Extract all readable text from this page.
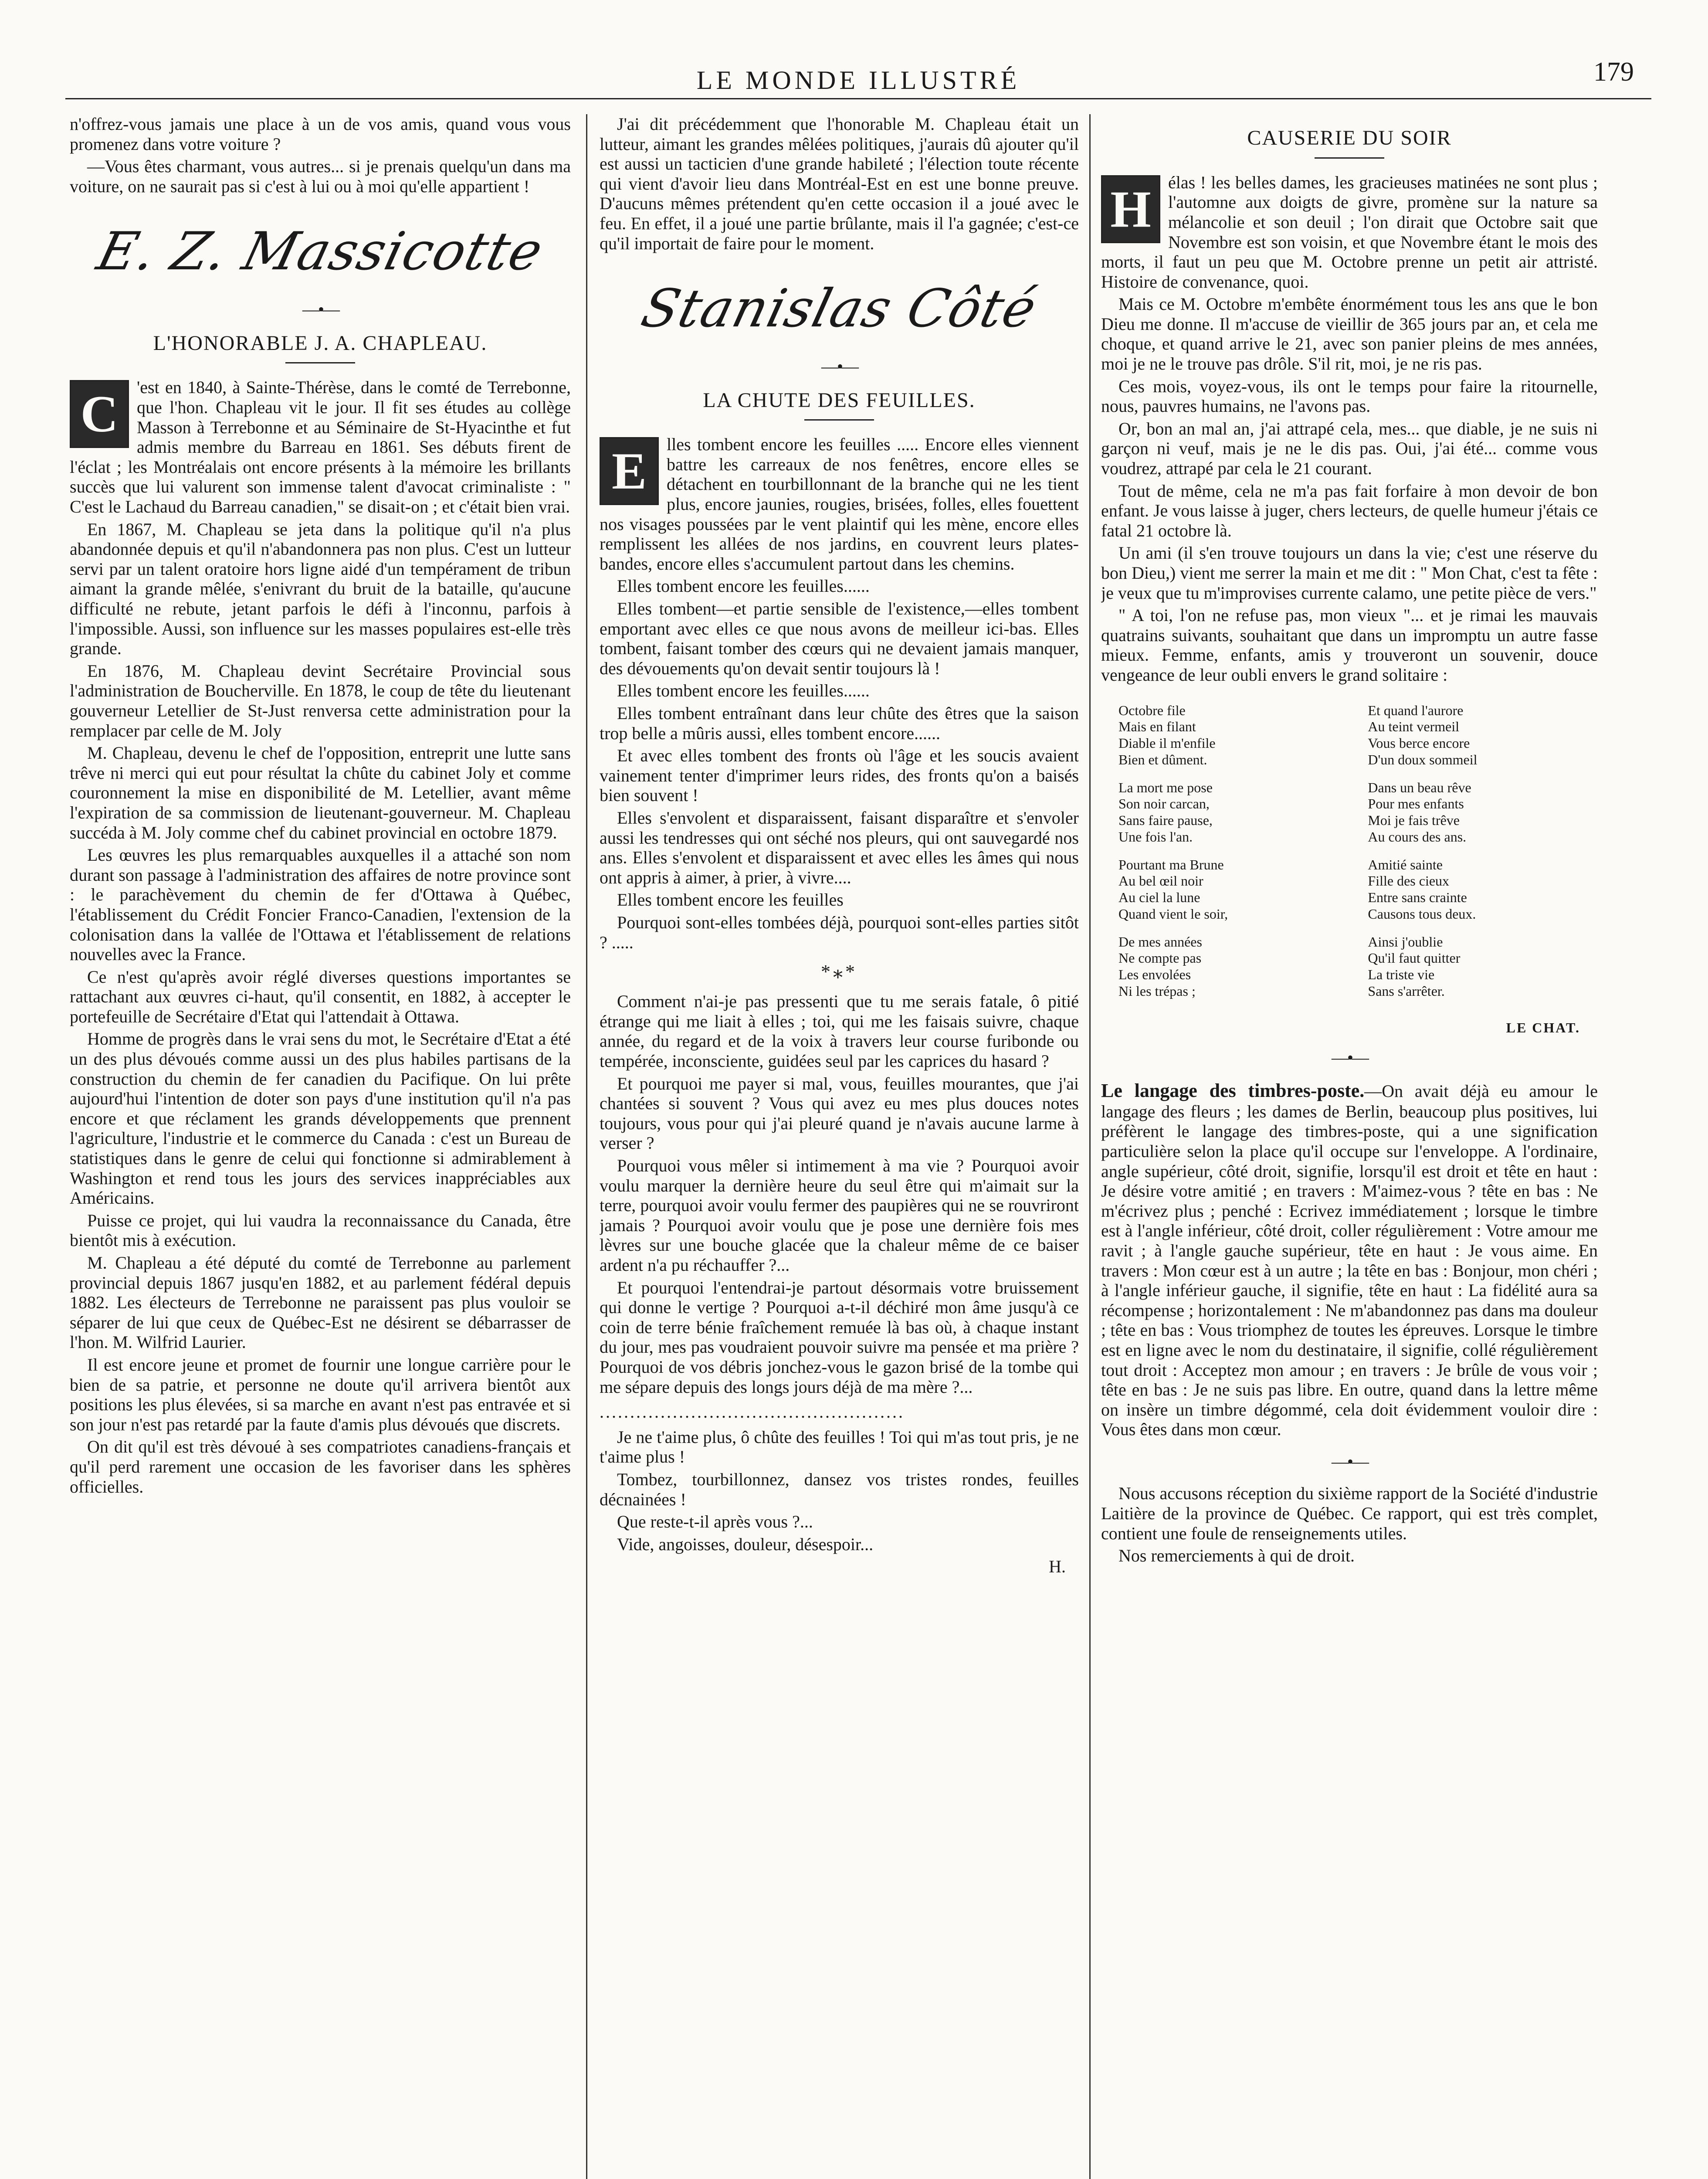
LE MONDE ILLUSTRÉ	179

n'offrez-vous jamais une place à un de vos amis, quand vous vous promenez dans votre voiture ?

—Vous êtes charmant, vous autres... si je prenais quelqu'un dans ma voiture, on ne saurait pas si c'est à lui ou à moi qu'elle appartient !

E. Z. Massicotte
—•—
L'HONORABLE J. A. CHAPLEAU.

C	'est en 1840, à Sainte-Thérèse, dans le comté de Terrebonne, que l'hon. Chapleau vit le jour. Il fit ses études au collège Masson à Terrebonne et au Séminaire de St-Hyacinthe et fut admis membre du Barreau en 1861. Ses débuts firent de l'éclat ; les Montréalais ont encore présents à la mémoire les brillants succès que lui valurent son immense talent d'avocat criminaliste : " C'est le Lachaud du Barreau canadien," se disait-on ; et c'était bien vrai.

En 1867, M. Chapleau se jeta dans la politique qu'il n'a plus abandonnée depuis et qu'il n'abandonnera pas non plus. C'est un lutteur servi par un talent oratoire hors ligne aidé d'un tempérament de tribun aimant la grande mêlée, s'enivrant du bruit de la bataille, qu'aucune difficulté ne rebute, jetant parfois le défi à l'inconnu, parfois à l'impossible. Aussi, son influence sur les masses populaires est-elle très grande.

En 1876, M. Chapleau devint Secrétaire Provincial sous l'administration de Boucherville. En 1878, le coup de tête du lieutenant gouverneur Letellier de St-Just renversa cette administration pour la remplacer par celle de M. Joly

M. Chapleau, devenu le chef de l'opposition, entreprit une lutte sans trêve ni merci qui eut pour résultat la chûte du cabinet Joly et comme couronnement la mise en disponibilité de M. Letellier, avant même l'expiration de sa commission de lieutenant-gouverneur. M. Chapleau succéda à M. Joly comme chef du cabinet provincial en octobre 1879.

Les œuvres les plus remarquables auxquelles il a attaché son nom durant son passage à l'administration des affaires de notre province sont : le parachèvement du chemin de fer d'Ottawa à Québec, l'établissement du Crédit Foncier Franco-Canadien, l'extension de la colonisation dans la vallée de l'Ottawa et l'établissement de relations nouvelles avec la France.

Ce n'est qu'après avoir réglé diverses questions importantes se rattachant aux œuvres ci-haut, qu'il consentit, en 1882, à accepter le portefeuille de Secrétaire d'Etat qui l'attendait à Ottawa.

Homme de progrès dans le vrai sens du mot, le Secrétaire d'Etat a été un des plus dévoués comme aussi un des plus habiles partisans de la construction du chemin de fer canadien du Pacifique. On lui prête aujourd'hui l'intention de doter son pays d'une institution qu'il n'a pas encore et que réclament les grands développements que prennent l'agriculture, l'industrie et le commerce du Canada : c'est un Bureau de statistiques dans le genre de celui qui fonctionne si admirablement à Washington et rend tous les jours des services inappréciables aux Américains.

Puisse ce projet, qui lui vaudra la reconnaissance du Canada, être bientôt mis à exécution.

M. Chapleau a été député du comté de Terrebonne au parlement provincial depuis 1867 jusqu'en 1882, et au parlement fédéral depuis 1882. Les électeurs de Terrebonne ne paraissent pas plus vouloir se séparer de lui que ceux de Québec-Est ne désirent se débarrasser de l'hon. M. Wilfrid Laurier.

Il est encore jeune et promet de fournir une longue carrière pour le bien de sa patrie, et personne ne doute qu'il arrivera bientôt aux positions les plus élevées, si sa marche en avant n'est pas entravée et si son jour n'est pas retardé par la faute d'amis plus dévoués que discrets.

On dit qu'il est très dévoué à ses compatriotes canadiens-français et qu'il perd rarement une occasion de les favoriser dans les sphères officielles.

J'ai dit précédemment que l'honorable M. Chapleau était un lutteur, aimant les grandes mêlées politiques, j'aurais dû ajouter qu'il est aussi un tacticien d'une grande habileté ; l'élection toute récente qui vient d'avoir lieu dans Montréal-Est en est une bonne preuve. D'aucuns mêmes prétendent qu'en cette occasion il a joué avec le feu. En effet, il a joué une partie brûlante, mais il l'a gagnée; c'est-ce qu'il importait de faire pour le moment.

Stanislas Côté
—•—
LA CHUTE DES FEUILLES.

E	lles tombent encore les feuilles ..... Encore elles viennent battre les carreaux de nos fenêtres, encore elles se détachent en tourbillonnant de la branche qui ne les tient plus, encore jaunies, rougies, brisées, folles, elles fouettent nos visages poussées par le vent plaintif qui les mène, encore elles remplissent les allées de nos jardins, en couvrent leurs plates-bandes, encore elles s'accumulent partout dans les chemins.

Elles tombent encore les feuilles......

Elles tombent—et partie sensible de l'existence,—elles tombent emportant avec elles ce que nous avons de meilleur ici-bas. Elles tombent, faisant tomber des cœurs qui ne devaient jamais manquer, des dévouements qu'on devait sentir toujours là !

Elles tombent encore les feuilles......

Elles tombent entraînant dans leur chûte des êtres que la saison trop belle a mûris aussi, elles tombent encore......

Et avec elles tombent des fronts où l'âge et les soucis avaient vainement tenter d'imprimer leurs rides, des fronts qu'on a baisés bien souvent !

Elles s'envolent et disparaissent, faisant disparaître et s'envoler aussi les tendresses qui ont séché nos pleurs, qui ont sauvegardé nos ans. Elles s'envolent et disparaissent et avec elles les âmes qui nous ont appris à aimer, à prier, à vivre....

Elles tombent encore les feuilles

Pourquoi sont-elles tombées déjà, pourquoi sont-elles parties sitôt ? .....

*⁎*

Comment n'ai-je pas pressenti que tu me serais fatale, ô pitié étrange qui me liait à elles ; toi, qui me les faisais suivre, chaque année, du regard et de la voix à travers leur course furibonde ou tempérée, inconsciente, guidées seul par les caprices du hasard ?

Et pourquoi me payer si mal, vous, feuilles mourantes, que j'ai chantées si souvent ? Vous qui avez eu mes plus douces notes toujours, vous pour qui j'ai pleuré quand je n'avais aucune larme à verser ?

Pourquoi vous mêler si intimement à ma vie ? Pourquoi avoir voulu marquer la dernière heure du seul être qui m'aimait sur la terre, pourquoi avoir voulu fermer des paupières qui ne se rouvriront jamais ? Pourquoi avoir voulu que je pose une dernière fois mes lèvres sur une bouche glacée que la chaleur même de ce baiser ardent n'a pu réchauffer ?...

Et pourquoi l'entendrai-je partout désormais votre bruissement qui donne le vertige ? Pourquoi a-t-il déchiré mon âme jusqu'à ce coin de terre bénie fraîchement remuée là bas où, à chaque instant du jour, mes pas voudraient pouvoir suivre ma pensée et ma prière ? Pourquoi de vos débris jonchez-vous le gazon brisé de la tombe qui me sépare depuis des longs jours déjà de ma mère ?...

..................................................

Je ne t'aime plus, ô chûte des feuilles ! Toi qui m'as tout pris, je ne t'aime plus !

Tombez, tourbillonnez, dansez vos tristes rondes, feuilles décnainées !

Que reste-t-il après vous ?...

Vide, angoisses, douleur, désespoir...

H.
CAUSERIE DU SOIR

H élas ! les belles dames, les gracieuses matinées ne sont plus ; l'automne aux doigts de givre, promène sur la nature sa mélancolie et son deuil ; l'on dirait que Octobre sait que Novembre est son voisin, et que Novembre étant le mois des morts, il faut un peu que M. Octobre prenne un petit air attristé. Histoire de convenance, quoi.

Mais ce M. Octobre m'embête énormément tous les ans que le bon Dieu me donne. Il m'accuse de vieillir de 365 jours par an, et cela me choque, et quand arrive le 21, avec son panier pleins de mes années, moi je ne le trouve pas drôle. S'il rit, moi, je ne ris pas.

Ces mois, voyez-vous, ils ont le temps pour faire la ritournelle, nous, pauvres humains, ne l'avons pas.

Or, bon an mal an, j'ai attrapé cela, mes... que diable, je ne suis ni garçon ni veuf, mais je ne le dis pas. Oui, j'ai été... comme vous voudrez, attrapé par cela le 21 courant.

Tout de même, cela ne m'a pas fait forfaire à mon devoir de bon enfant. Je vous laisse à juger, chers lecteurs, de quelle humeur j'étais ce fatal 21 octobre là.

Un ami (il s'en trouve toujours un dans la vie; c'est une réserve du bon Dieu,) vient me serrer la main et me dit : " Mon Chat, c'est ta fête : je veux que tu m'improvises currente calamo, une petite pièce de vers."

" A toi, l'on ne refuse pas, mon vieux "... et je rimai les mauvais quatrains suivants, souhaitant que dans un impromptu un autre fasse mieux. Femme, enfants, amis y trouveront un souvenir, douce vengeance de leur oubli envers le grand solitaire :

Octobre file
Mais en filant
Diable il m'enfile
Bien et dûment.
La mort me pose
Son noir carcan,
Sans faire pause,
Une fois l'an.
Pourtant ma Brune
Au bel œil noir
Au ciel la lune
Quand vient le soir,
De mes années
Ne compte pas
Les envolées
Ni les trépas ;
Et quand l'aurore
Au teint vermeil
Vous berce encore
D'un doux sommeil
Dans un beau rêve
Pour mes enfants
Moi je fais trêve
Au cours des ans.
Amitié sainte
Fille des cieux
Entre sans crainte
Causons tous deux.
Ainsi j'oublie
Qu'il faut quitter
La triste vie
Sans s'arrêter.
LE CHAT.
—•—

Le langage des timbres-poste.—On avait déjà eu amour le langage des fleurs ; les dames de Berlin, beaucoup plus positives, lui préfèrent le langage des timbres-poste, qui a une signification particulière selon la place qu'il occupe sur l'enveloppe. A l'ordinaire, angle supérieur, côté droit, signifie, lorsqu'il est droit et tête en haut : Je désire votre amitié ; en travers : M'aimez-vous ? tête en bas : Ne m'écrivez plus ; penché : Ecrivez immédiatement ; lorsque le timbre est à l'angle inférieur, côté droit, coller régulièrement : Votre amour me ravit ; à l'angle gauche supérieur, tête en haut : Je vous aime. En travers : Mon cœur est à un autre ; la tête en bas : Bonjour, mon chéri ; à l'angle inférieur gauche, il signifie, tête en haut : La fidélité aura sa récompense ; horizontalement : Ne m'abandonnez pas dans ma douleur ; tête en bas : Vous triomphez de toutes les épreuves. Lorsque le timbre est en ligne avec le nom du destinataire, il signifie, collé régulièrement tout droit : Acceptez mon amour ; en travers : Je brûle de vous voir ; tête en bas : Je ne suis pas libre. En outre, quand dans la lettre même on insère un timbre dégommé, cela doit évidemment vouloir dire : Vous êtes dans mon cœur.

—•—

Nous accusons réception du sixième rapport de la Société d'industrie Laitière de la province de Québec. Ce rapport, qui est très complet, contient une foule de renseignements utiles.

Nos remerciements à qui de droit.
